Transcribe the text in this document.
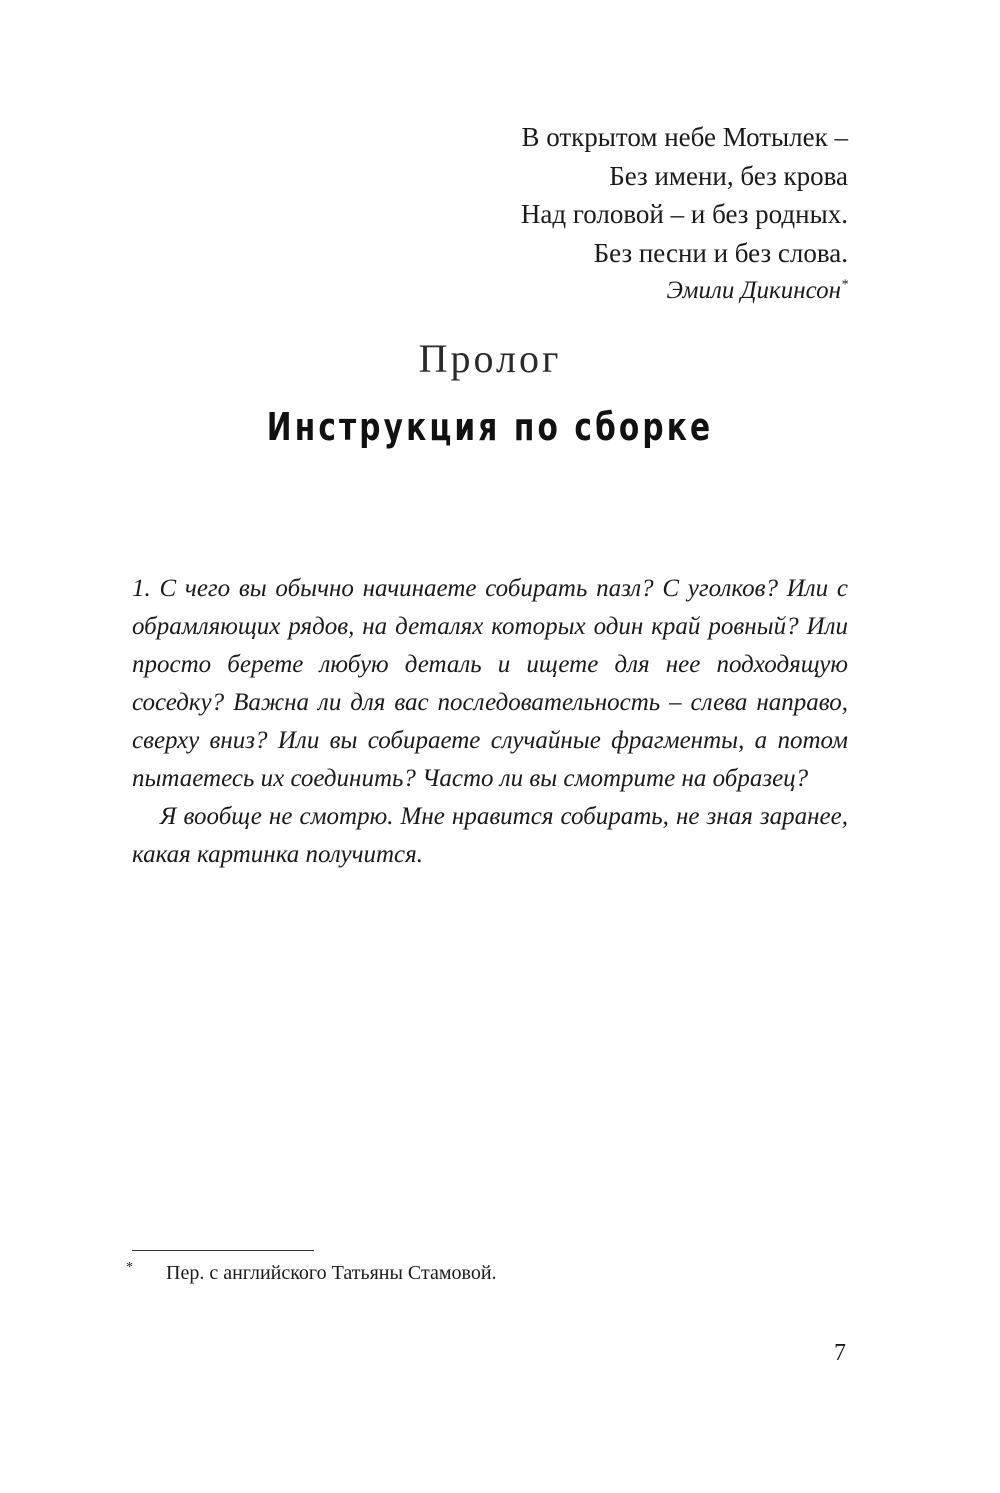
В открытом небе Мотылек –
Без имени, без крова
Над головой – и без родных.
Без песни и без слова.
Эмили Дикинсон*
Пролог
Инструкция по сборке

1. С чего вы обычно начинаете собирать пазл? С уголков? Или с обрамляющих рядов, на деталях которых один край ровный? Или просто берете любую деталь и ищете для нее подходящую соседку? Важна ли для вас последовательность – слева направо, сверху вниз? Или вы собираете случайные фрагменты, а потом пытаетесь их соединить? Часто ли вы смотрите на образец?

Я вообще не смотрю. Мне нравится собирать, не зная заранее, какая картинка получится.

* Пер. с английского Татьяны Стамовой.
7
